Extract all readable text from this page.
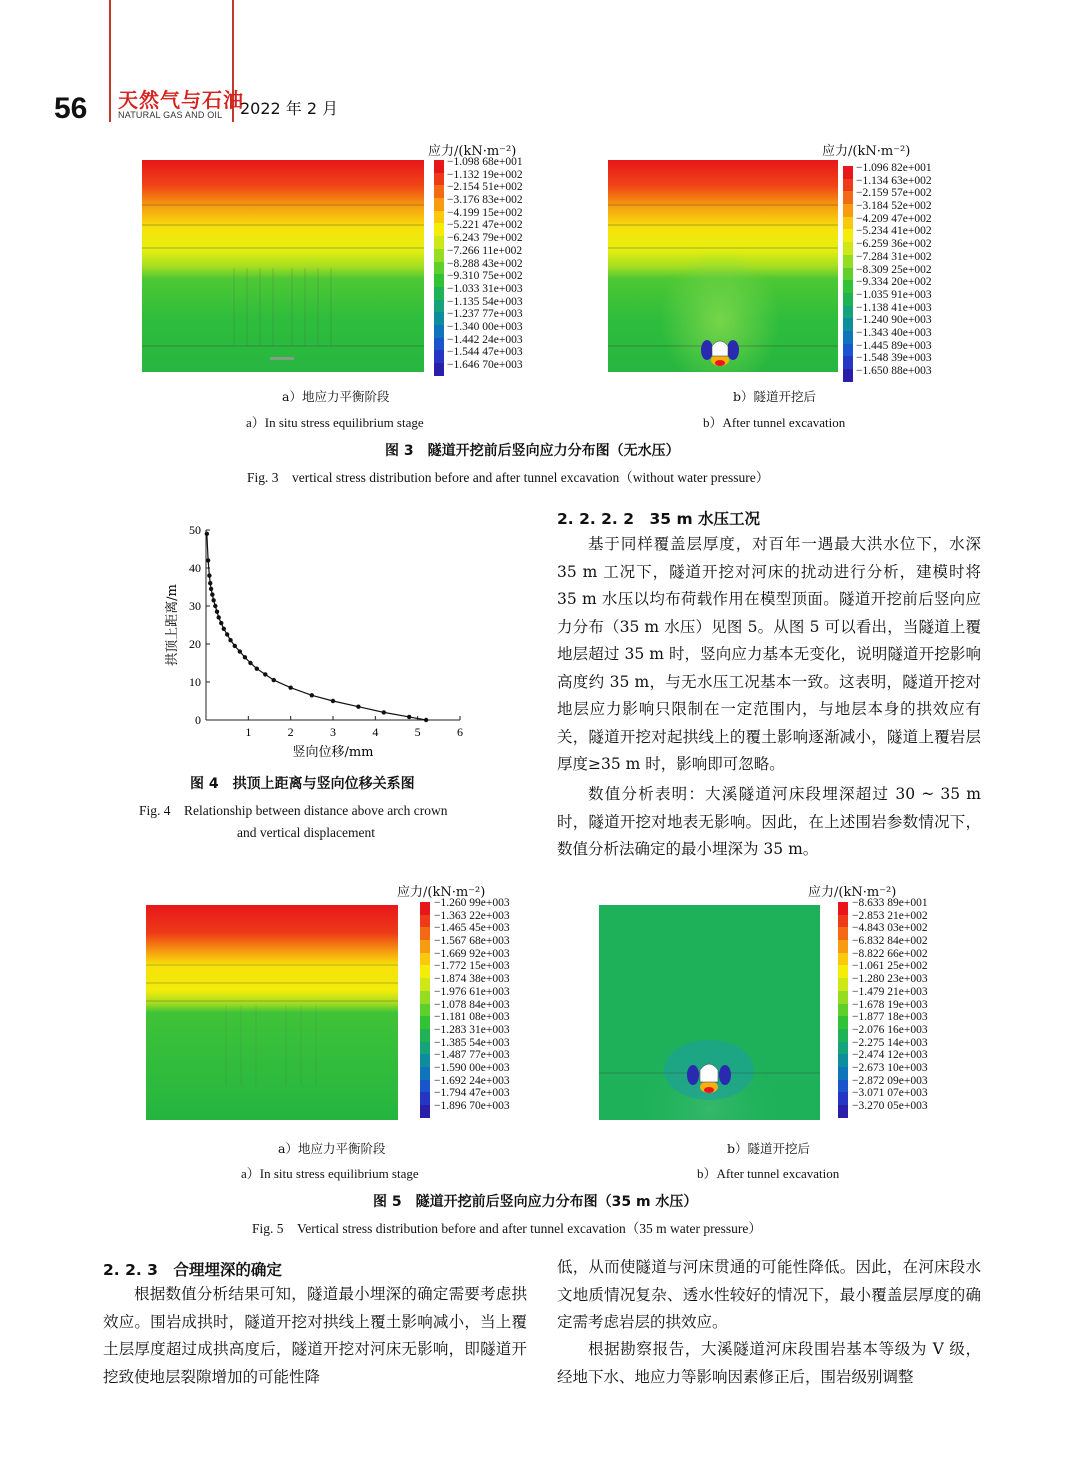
56 天然气与石油
NATURAL GAS AND OIL 2022 年 2 月
应力/(kN·m⁻²)
−1.098 68e+001
−1.132 19e+002
−2.154 51e+002
−3.176 83e+002
−4.199 15e+002
−5.221 47e+002
−6.243 79e+002
−7.266 11e+002
−8.288 43e+002
−9.310 75e+002
−1.033 31e+003
−1.135 54e+003
−1.237 77e+003
−1.340 00e+003
−1.442 24e+003
−1.544 47e+003
−1.646 70e+003
应力/(kN·m⁻²)
−1.096 82e+001
−1.134 63e+002
−2.159 57e+002
−3.184 52e+002
−4.209 47e+002
−5.234 41e+002
−6.259 36e+002
−7.284 31e+002
−8.309 25e+002
−9.334 20e+002
−1.035 91e+003
−1.138 41e+003
−1.240 90e+003
−1.343 40e+003
−1.445 89e+003
−1.548 39e+003
−1.650 88e+003
a）地应力平衡阶段
a）In situ stress equilibrium stage
b）隧道开挖后
b）After tunnel excavation
图 3　隧道开挖前后竖向应力分布图（无水压）
Fig. 3　vertical stress distribution before and after tunnel excavation（without water pressure）
1	2	3	4	5	6
0
10
20
30
40
50
竖向位移/mm
拱顶上距离/m
图 4　拱顶上距离与竖向位移关系图
Fig. 4　Relationship between distance above arch crown
and vertical displacement
2. 2. 2. 2　35 m 水压工况
基于同样覆盖层厚度，对百年一遇最大洪水位下，水深 35 m 工况下，隧道开挖对河床的扰动进行分析，建模时将 35 m 水压以均布荷载作用在模型顶面。隧道开挖前后竖向应力分布（35 m 水压）见图 5。从图 5 可以看出，当隧道上覆地层超过 35 m 时，竖向应力基本无变化，说明隧道开挖影响高度约 35 m，与无水压工况基本一致。这表明，隧道开挖对地层应力影响只限制在一定范围内，与地层本身的拱效应有关，隧道开挖对起拱线上的覆土影响逐渐减小，隧道上覆岩层厚度≥35 m 时，影响即可忽略。
数值分析表明：大溪隧道河床段埋深超过 30 ~ 35 m 时，隧道开挖对地表无影响。因此，在上述围岩参数情况下，数值分析法确定的最小埋深为 35 m。
应力/(kN·m⁻²)
−1.260 99e+003
−1.363 22e+003
−1.465 45e+003
−1.567 68e+003
−1.669 92e+003
−1.772 15e+003
−1.874 38e+003
−1.976 61e+003
−1.078 84e+003
−1.181 08e+003
−1.283 31e+003
−1.385 54e+003
−1.487 77e+003
−1.590 00e+003
−1.692 24e+003
−1.794 47e+003
−1.896 70e+003
应力/(kN·m⁻²)
−8.633 89e+001
−2.853 21e+002
−4.843 03e+002
−6.832 84e+002
−8.822 66e+002
−1.061 25e+002
−1.280 23e+003
−1.479 21e+003
−1.678 19e+003
−1.877 18e+003
−2.076 16e+003
−2.275 14e+003
−2.474 12e+003
−2.673 10e+003
−2.872 09e+003
−3.071 07e+003
−3.270 05e+003
a）地应力平衡阶段
a）In situ stress equilibrium stage
b）隧道开挖后
b）After tunnel excavation
图 5　隧道开挖前后竖向应力分布图（35 m 水压）
Fig. 5　Vertical stress distribution before and after tunnel excavation（35 m water pressure）
2. 2. 3　合理埋深的确定
根据数值分析结果可知，隧道最小埋深的确定需要考虑拱效应。围岩成拱时，隧道开挖对拱线上覆土影响减小，当上覆土层厚度超过成拱高度后，隧道开挖对河床无影响，即隧道开挖致使地层裂隙增加的可能性降
低，从而使隧道与河床贯通的可能性降低。因此，在河床段水文地质情况复杂、透水性较好的情况下，最小覆盖层厚度的确定需考虑岩层的拱效应。
根据勘察报告，大溪隧道河床段围岩基本等级为 V 级，经地下水、地应力等影响因素修正后，围岩级别调整
